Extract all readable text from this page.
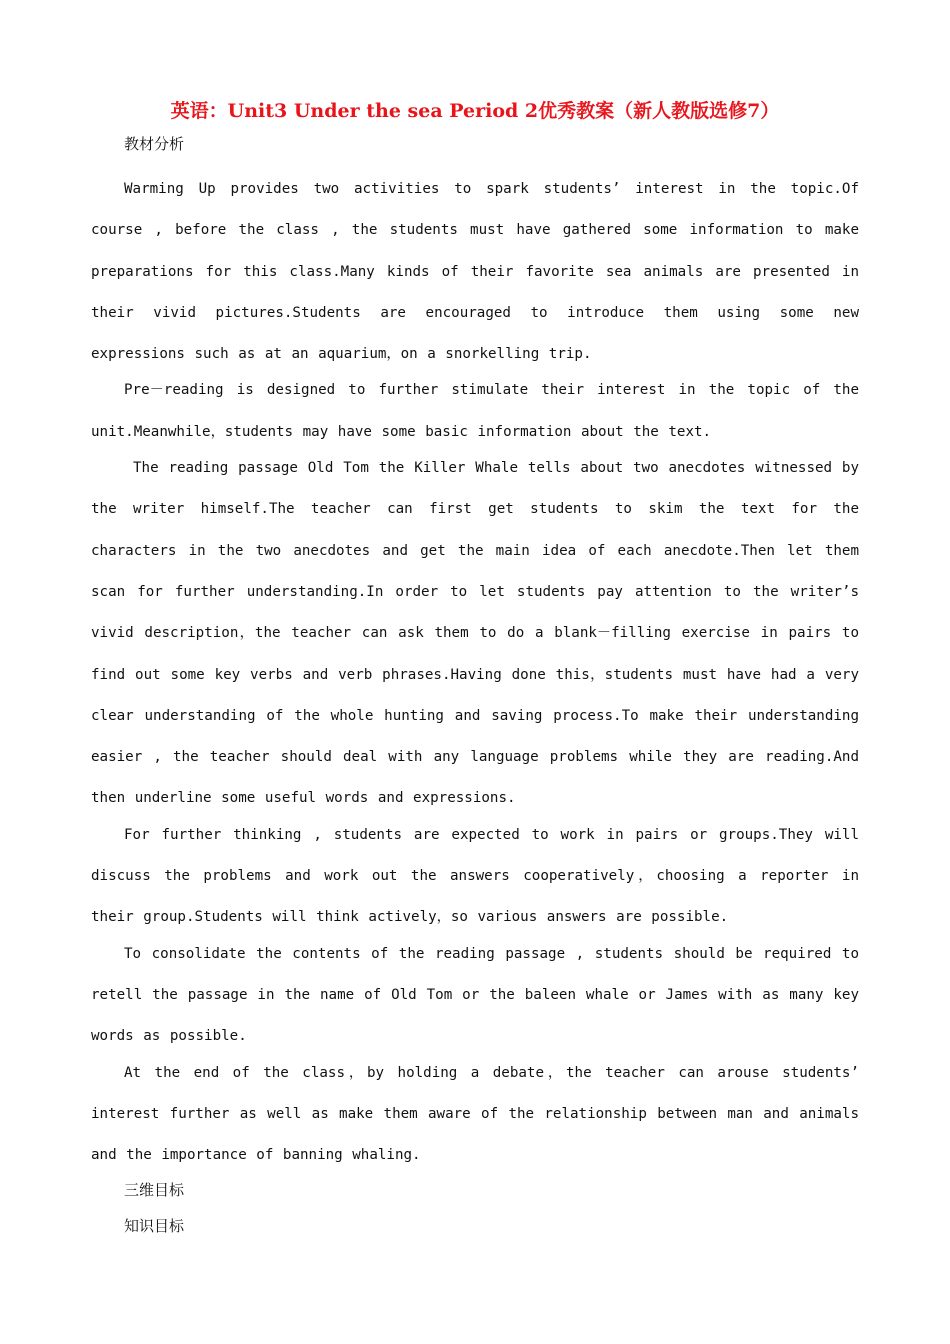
英语：Unit3 Under the sea Period 2优秀教案（新人教版选修7）
教材分析

Warming Up provides two activities to spark students’ interest in the topic.Of course , before the class , the students must have gathered some information to make preparations for this class.Many kinds of their favorite sea animals are presented in their vivid pictures.Students are encouraged to introduce them using some new expressions such as at an aquarium，on a snorkelling trip.

Pre－reading is designed to further stimulate their interest in the topic of the unit.Meanwhile，students may have some basic information about the text.

The reading passage Old Tom the Killer Whale tells about two anecdotes witnessed by the writer himself.The teacher can first get students to skim the text for the characters in the two anecdotes and get the main idea of each anecdote.Then let them scan for further understanding.In order to let students pay attention to the writer’s vivid description，the teacher can ask them to do a blank－filling exercise in pairs to find out some key verbs and verb phrases.Having done this，students must have had a very clear understanding of the whole hunting and saving process.To make their understanding easier , the teacher should deal with any language problems while they are reading.And then underline some useful words and expressions.

For further thinking , students are expected to work in pairs or groups.They will discuss the problems and work out the answers cooperatively，choosing a reporter in their group.Students will think actively，so various answers are possible.

To consolidate the contents of the reading passage , students should be required to retell the passage in the name of Old Tom or the baleen whale or James with as many key words as possible.

At the end of the class，by holding a debate，the teacher can arouse students’ interest further as well as make them aware of the relationship between man and animals and the importance of banning whaling.

三维目标
知识目标
